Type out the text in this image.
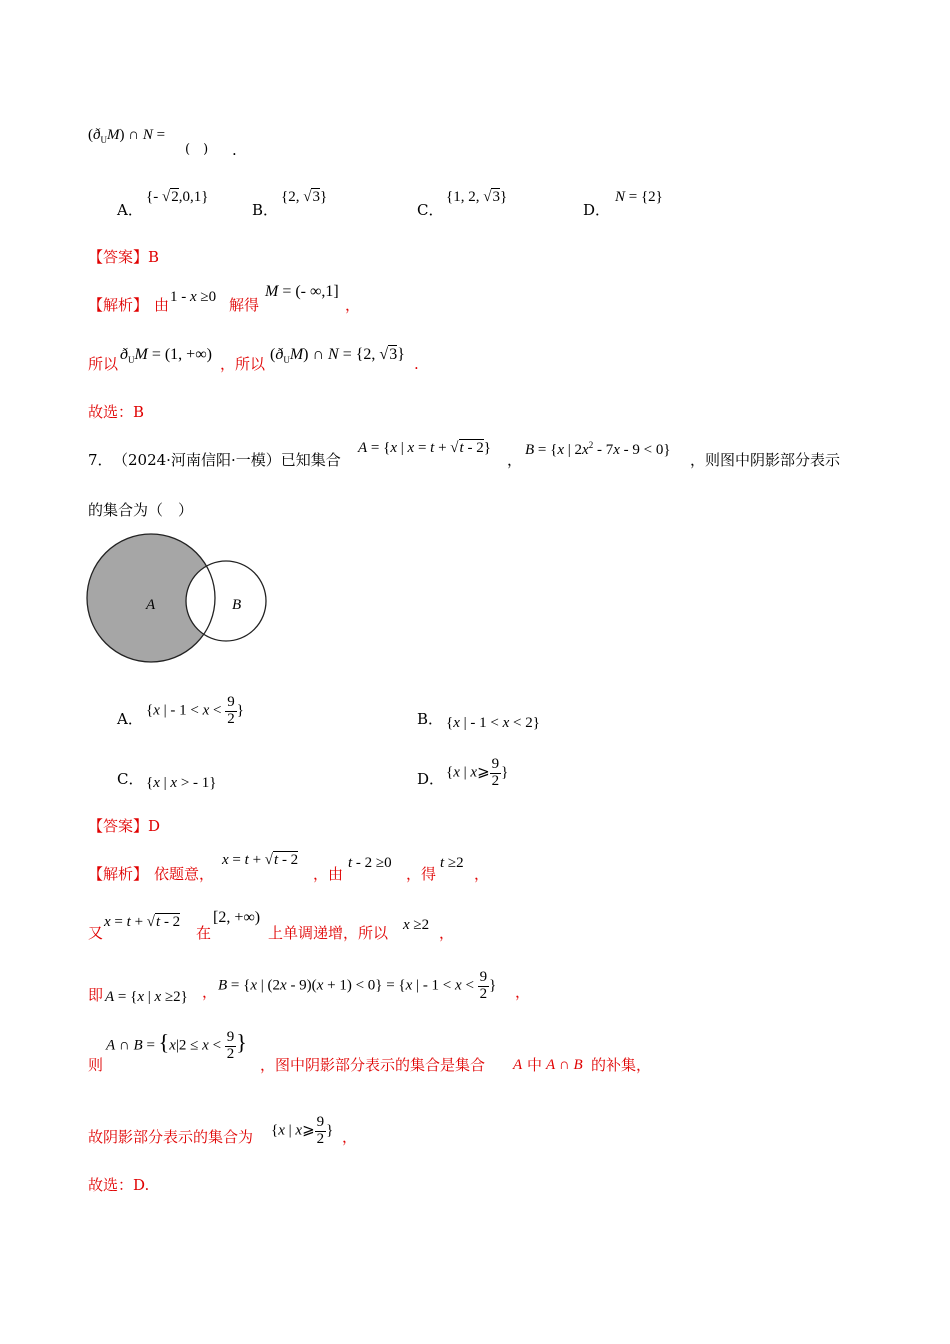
$(ð_UM)$ ∩ N =
(　) .
A．
{- √2,0,1}
B．
{2, √3}
C．
{1, 2, √3}
D．
N = {2}
【答案】B
【解析】 由 1 - x ≥0 解得
M = (- ∞,1]
，
所以
$ð_UM = (1$, +∞)
，所以
$(ð_UM)$ ∩ N = {2, √3}
.
故选：B
7． （2024·河南信阳·一模）已知集合
A = {x | x = t + √t - 2}
，
B = {x | $2x^2 - 7x - 9 < 0$}
，则图中阴影部分表示
的集合为（　）
A	B
A． {x | - $1 < x < \frac{9}{2}$ }	B． {x | - 1 < x < 2}
C． {x | x > - 1}	D． {x | x⩾ $\frac{9}{2}$ }
【答案】D
【解析】 依题意，
x = t + √t - 2
，由
t - 2 ≥0
，得
t ≥2
，
又
x = t + √t - 2
在
[2, +∞)
上单调递增，所以 x ≥2 ，
即 A = {x | x ≥2} ， B = {x | (2x - 9)(x + 1) < 0} = {x | - $1 < x < \frac{9}{2}$ } ，
则
A ∩ $B = \{x|2 \le x < \frac{9}{2}$ }
，图中阴影部分表示的集合是集合 A 中 A ∩ B 的补集，
故阴影部分表示的集合为 {x | x⩾ $\frac{9}{2}$ } ，
故选：D.
